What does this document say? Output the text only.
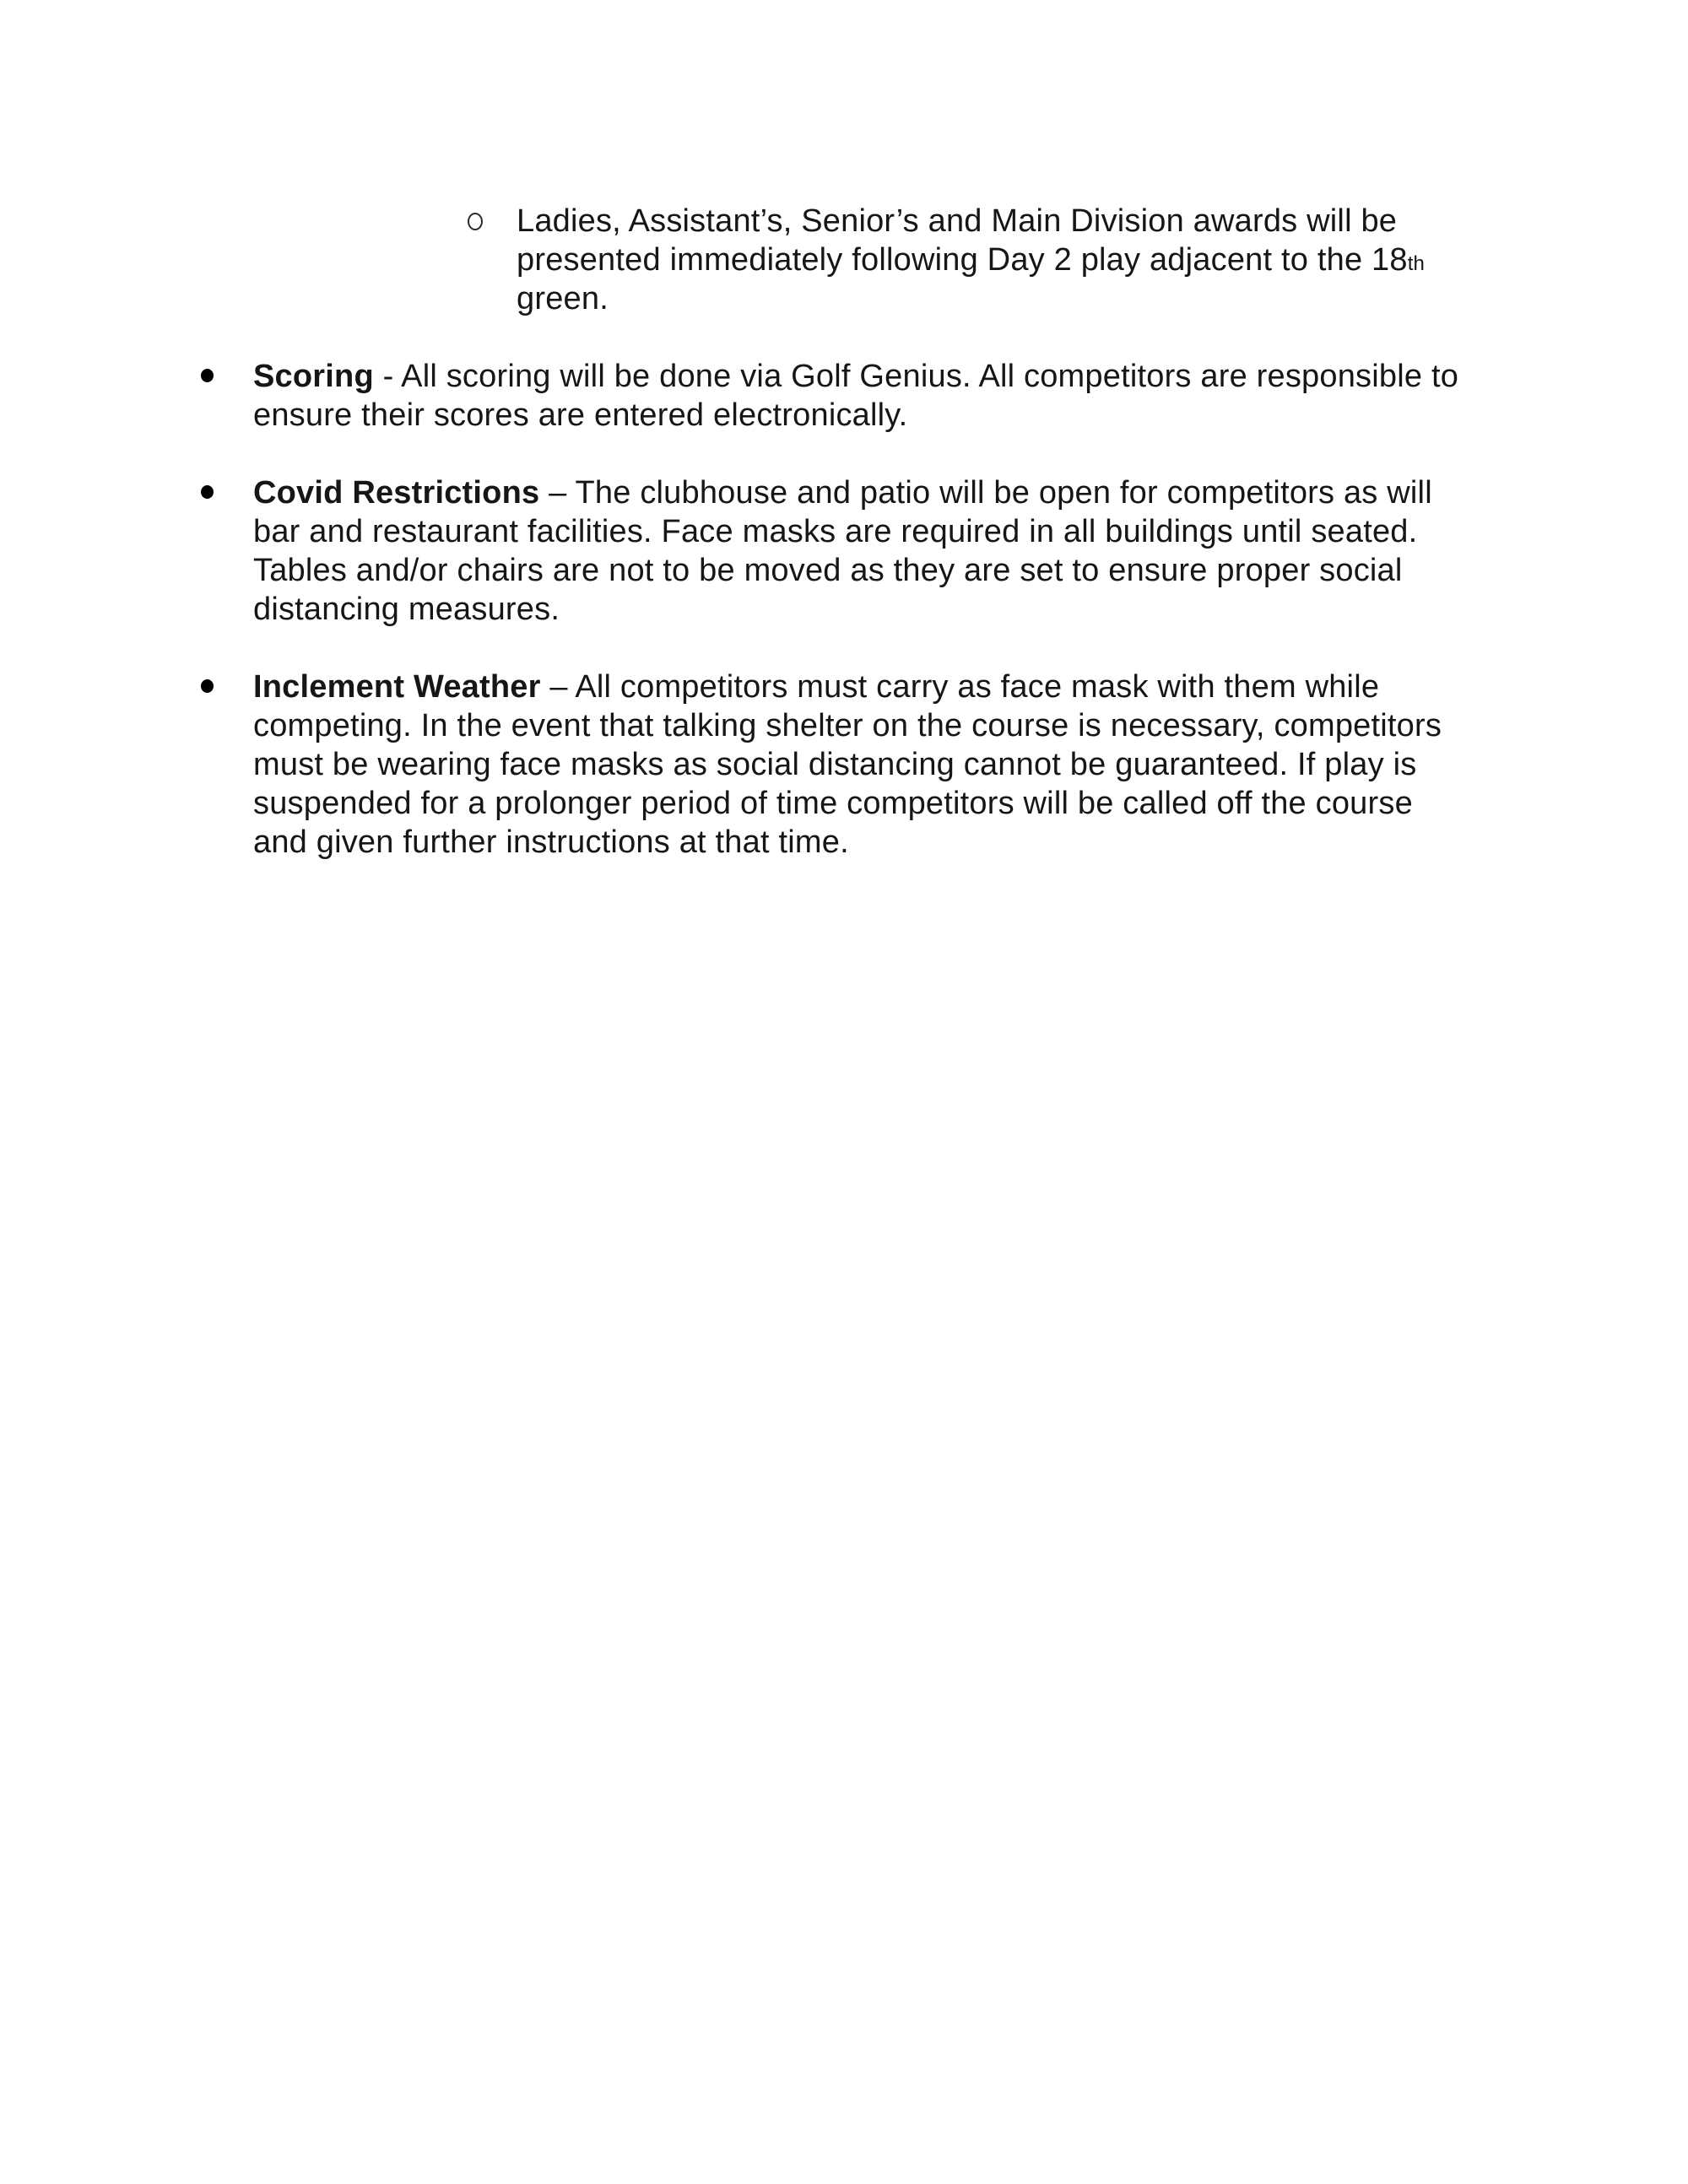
Ladies, Assistant’s, Senior’s and Main Division awards will be
presented immediately following Day 2 play adjacent to the 18th
green.
Scoring - All scoring will be done via Golf Genius. All competitors are responsible to
ensure their scores are entered electronically.
Covid Restrictions – The clubhouse and patio will be open for competitors as will
bar and restaurant facilities. Face masks are required in all buildings until seated.
Tables and/or chairs are not to be moved as they are set to ensure proper social
distancing measures.
Inclement Weather – All competitors must carry as face mask with them while
competing. In the event that talking shelter on the course is necessary, competitors
must be wearing face masks as social distancing cannot be guaranteed. If play is
suspended for a prolonger period of time competitors will be called off the course
and given further instructions at that time.
